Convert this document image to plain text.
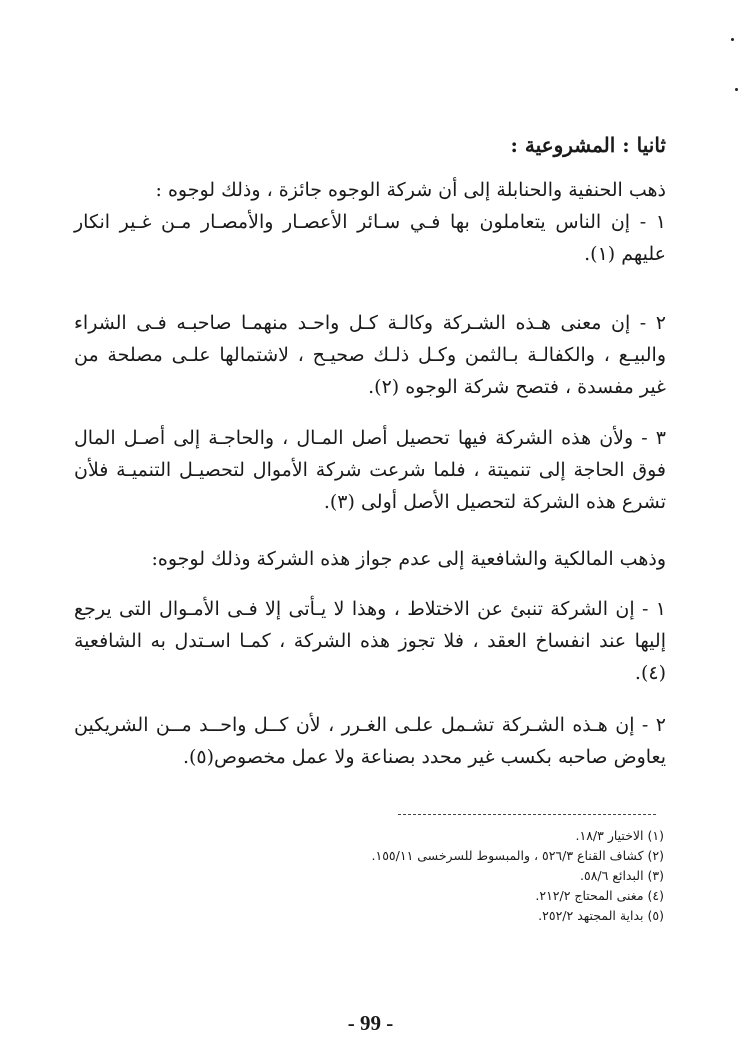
ثانيا : المشروعية :

ذهب الحنفية والحنابلة إلى أن شركة الوجوه جائزة ، وذلك لوجوه :

١ - إن الناس يتعاملون بها فـي سـائر الأعصـار والأمصـار مـن غـير انكار عليهم (١).

٢ - إن معنى هـذه الشـركة وكالـة كـل واحـد منهمـا صاحبـه فـى الشراء والبيـع ، والكفالـة بـالثمن وكـل ذلـك صحيـح ، لاشتمالها علـى مصلحة من غير مفسدة ، فتصح شركة الوجوه (٢).

٣ - ولأن هذه الشركة فيها تحصيل أصل المـال ، والحاجـة إلى أصـل المال فوق الحاجة إلى تنميتة ، فلما شرعت شركة الأموال لتحصيـل التنميـة فلأن تشرع هذه الشركة لتحصيل الأصل أولى (٣).

وذهب المالكية والشافعية إلى عدم جواز هذه الشركة وذلك لوجوه:

١ - إن الشركة تنبئ عن الاختلاط ، وهذا لا يـأتى إلا فـى الأمـوال التى يرجع إليها عند انفساخ العقد ، فلا تجوز هذه الشركة ، كمـا اسـتدل به الشافعية (٤).

٢ - إن هـذه الشـركة تشـمل علـى الغـرر ، لأن كــل واحــد مــن الشريكين يعاوض صاحبه بكسب غير محدد بصناعة ولا عمل مخصوص(٥).

(١) الاختيار ١٨/٣.
(٢) كشاف القناع ٥٢٦/٣ ، والمبسوط للسرخسى ١٥٥/١١.
(٣) البدائع ٥٨/٦.
(٤) مغنى المحتاج ٢١٢/٢.
(٥) بداية المجتهد ٢٥٢/٢.
- 99 -
